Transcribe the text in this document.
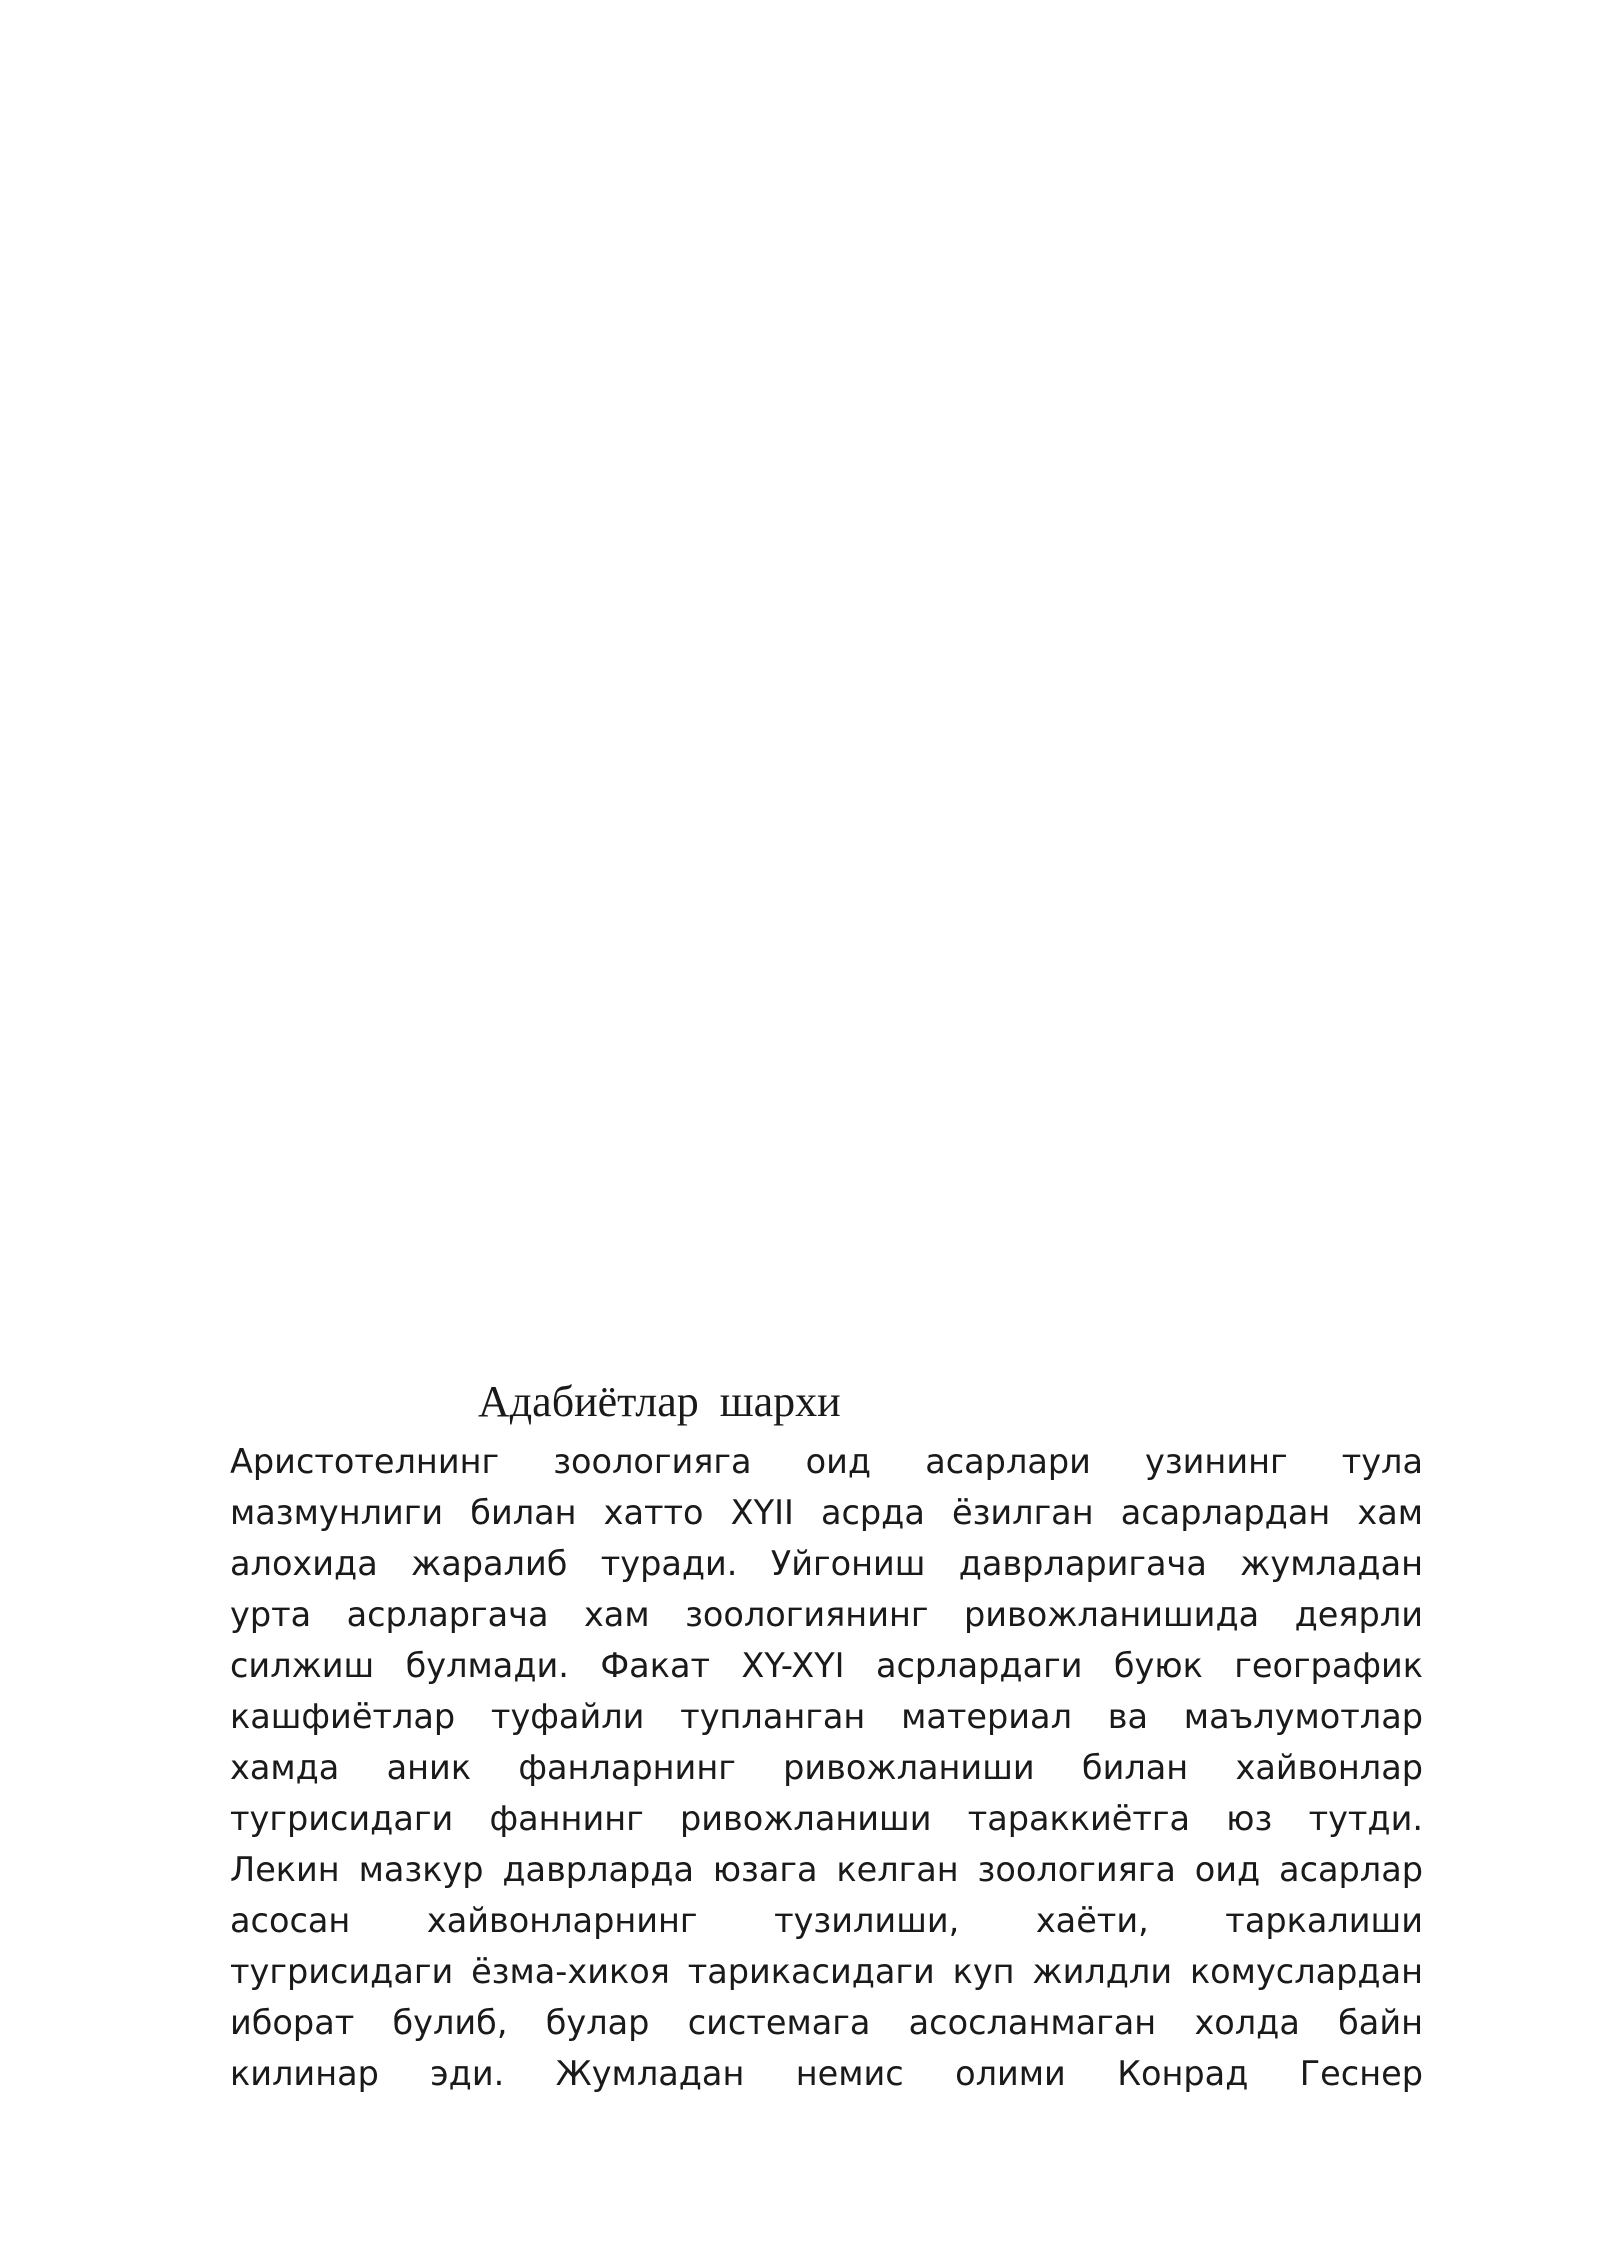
Адабиётлар шархи
Аристотелнинг зоологияга оид асарлари узининг тула
мазмунлиги билан хатто XYII асрда ёзилган асарлардан хам
алохида жаралиб туради. Уйгониш даврларигача жумладан
урта асрларгача хам зоологиянинг ривожланишида деярли
силжиш булмади. Факат XY-XYI асрлардаги буюк географик
кашфиётлар туфайли тупланган материал ва маълумотлар
хамда аник фанларнинг ривожланиши билан хайвонлар
тугрисидаги фаннинг ривожланиши тараккиётга юз тутди.
Лекин мазкур даврларда юзага келган зоологияга оид асарлар
асосан хайвонларнинг тузилиши, хаёти, таркалиши
тугрисидаги ёзма-хикоя тарикасидаги куп жилдли комуслардан
иборат булиб, булар системага асосланмаган холда байн
килинар эди. Жумладан немис олими Конрад Геснер
